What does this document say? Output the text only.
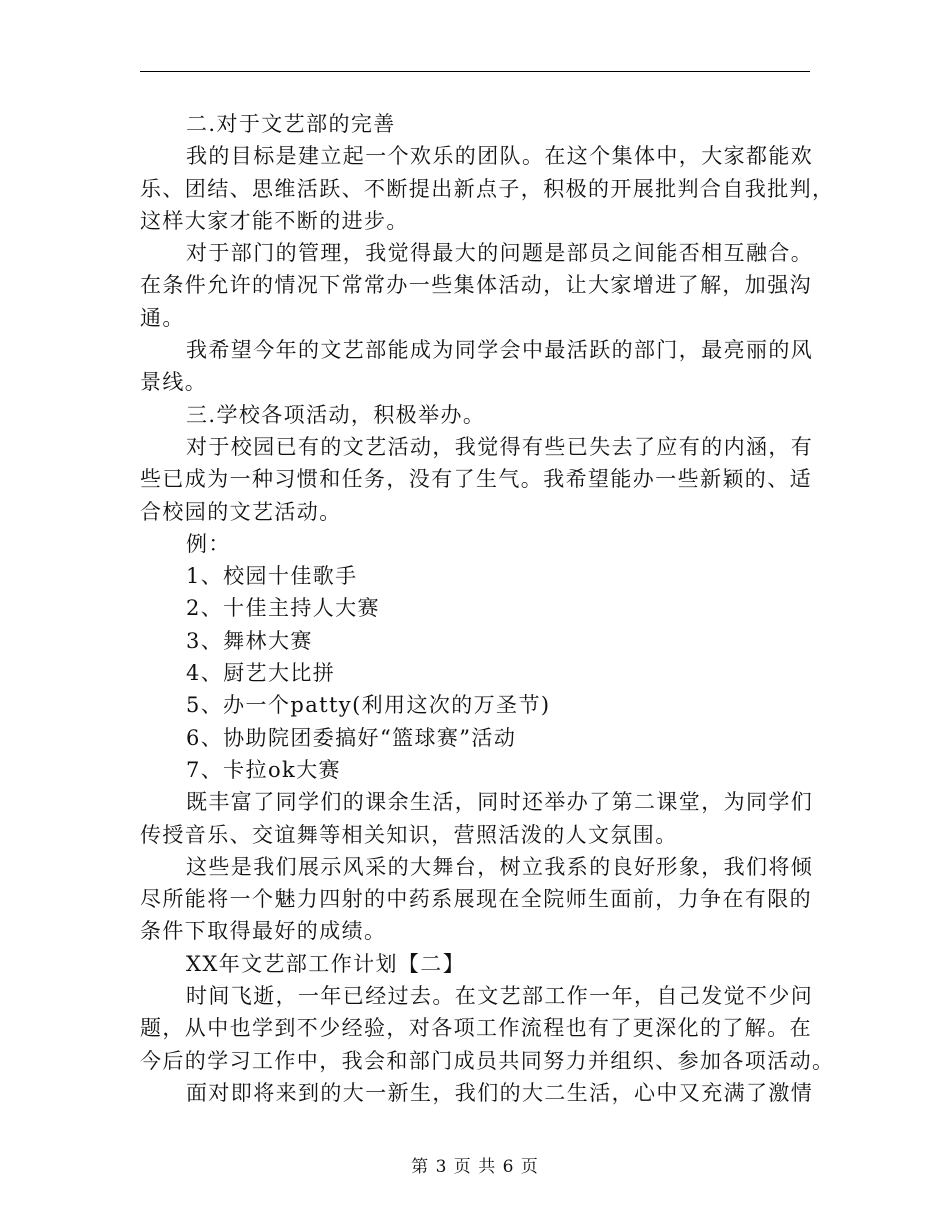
二.对于文艺部的完善
我的目标是建立起一个欢乐的团队。在这个集体中，大家都能欢
乐、团结、思维活跃、不断提出新点子，积极的开展批判合自我批判，
这样大家才能不断的进步。
对于部门的管理，我觉得最大的问题是部员之间能否相互融合。
在条件允许的情况下常常办一些集体活动，让大家增进了解，加强沟
通。
我希望今年的文艺部能成为同学会中最活跃的部门，最亮丽的风
景线。
三.学校各项活动，积极举办。
对于校园已有的文艺活动，我觉得有些已失去了应有的内涵，有
些已成为一种习惯和任务，没有了生气。我希望能办一些新颖的、适
合校园的文艺活动。
例：
1、校园十佳歌手
2、十佳主持人大赛
3、舞林大赛
4、厨艺大比拼
5、办一个patty(利用这次的万圣节)
6、协助院团委搞好“篮球赛”活动
7、卡拉ok大赛
既丰富了同学们的课余生活，同时还举办了第二课堂，为同学们
传授音乐、交谊舞等相关知识，营照活泼的人文氛围。
这些是我们展示风采的大舞台，树立我系的良好形象，我们将倾
尽所能将一个魅力四射的中药系展现在全院师生面前，力争在有限的
条件下取得最好的成绩。
XX年文艺部工作计划【二】
时间飞逝，一年已经过去。在文艺部工作一年，自己发觉不少问
题，从中也学到不少经验，对各项工作流程也有了更深化的了解。在
今后的学习工作中，我会和部门成员共同努力并组织、参加各项活动。
面对即将来到的大一新生，我们的大二生活，心中又充满了激情
第 3 页 共 6 页
